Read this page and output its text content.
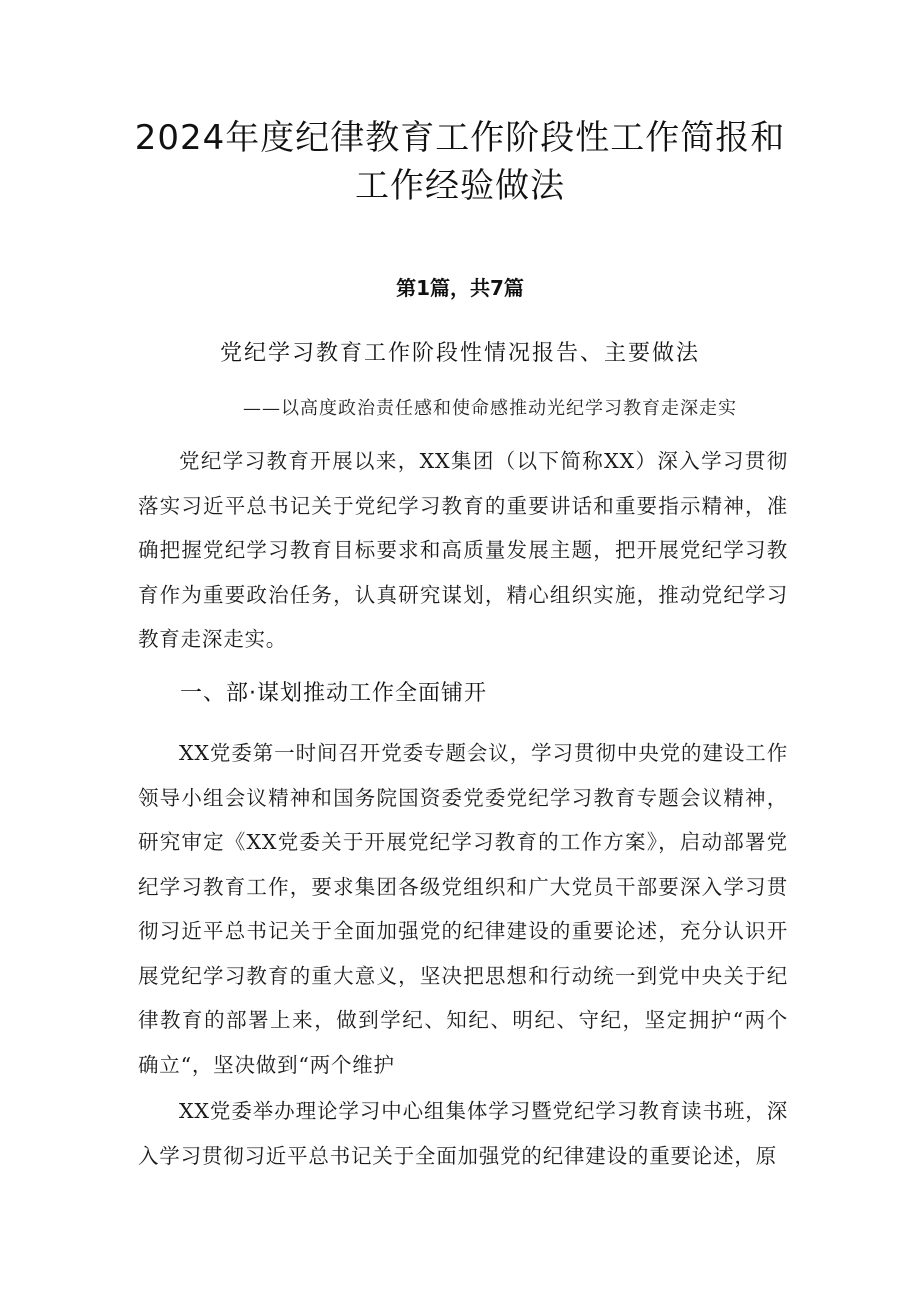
2024年度纪律教育工作阶段性工作简报和
工作经验做法
第1篇，共7篇
党纪学习教育工作阶段性情况报告、主要做法
——以高度政治责任感和使命感推动光纪学习教育走深走实
党纪学习教育开展以来，XX集团（以下简称XX）深入学习贯彻落实习近平总书记关于党纪学习教育的重要讲话和重要指示精神，准确把握党纪学习教育目标要求和高质量发展主题，把开展党纪学习教育作为重要政治任务，认真研究谋划，精心组织实施，推动党纪学习教育走深走实。
一、部·谋划推动工作全面铺开
XX党委第一时间召开党委专题会议，学习贯彻中央党的建设工作领导小组会议精神和国务院国资委党委党纪学习教育专题会议精神，研究审定《XX党委关于开展党纪学习教育的工作方案》，启动部署党纪学习教育工作，要求集团各级党组织和广大党员干部要深入学习贯彻习近平总书记关于全面加强党的纪律建设的重要论述，充分认识开展党纪学习教育的重大意义，坚决把思想和行动统一到党中央关于纪律教育的部署上来，做到学纪、知纪、明纪、守纪，坚定拥护“两个确立“，坚决做到“两个维护
XX党委举办理论学习中心组集体学习暨党纪学习教育读书班，深入学习贯彻习近平总书记关于全面加强党的纪律建设的重要论述，原
